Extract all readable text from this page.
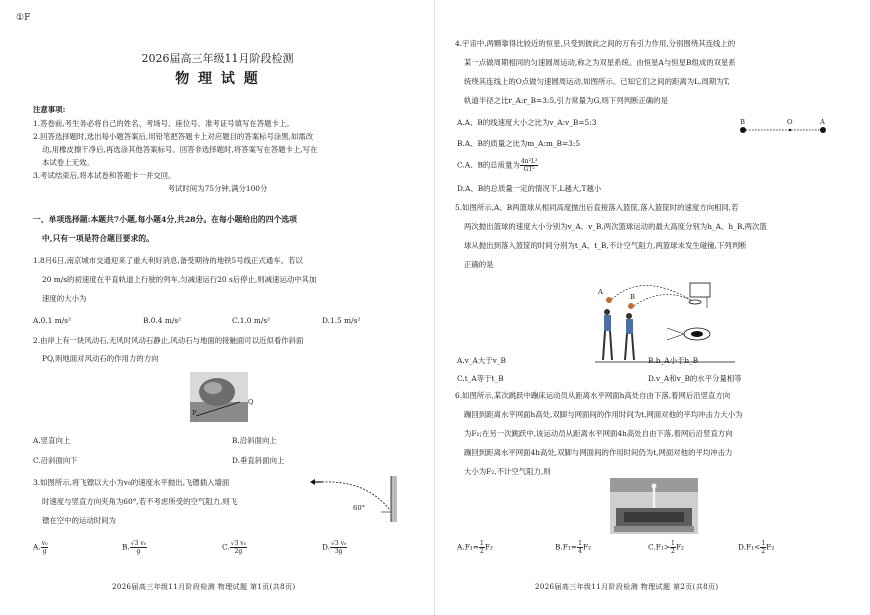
①F
2026届高三年级11月阶段检测
物 理 试 题
注意事项:
1.答卷前,考生务必将自己的姓名、考场号、座位号、准考证号填写在答题卡上。
2.回答选择题时,选出每小题答案后,用铅笔把答题卡上对应题目的答案标号涂黑,如需改
动,用橡皮擦干净后,再选涂其他答案标号。回答非选择题时,将答案写在答题卡上,写在
本试卷上无效。
3.考试结束后,将本试卷和答题卡一并交回。
考试时间为75分钟,满分100分
一、单项选择题:本题共7小题,每小题4分,共28分。在每小题给出的四个选项
中,只有一项是符合题目要求的。
1.8月6日,南京城市交通迎来了重大利好消息,备受期待的地铁5号线正式通车。若以
20 m/s的初速度在平直轨道上行驶的列车,匀减速运行20 s后停止,则减速运动中其加
速度的大小为
A.0.1 m/s²	B.0.4 m/s²	C.1.0 m/s²	D.1.5 m/s²
2.由岸上有一块风动石,无风时风动石静止,风动石与地面的接触面可以近似看作斜面
PQ,则地面对风动石的作用力的方向
P
Q
A.竖直向上	B.沿斜面向上
C.沿斜面向下	D.垂直斜面向上
3.如图所示,将飞镖以大小为v₀的速度水平抛出,飞镖插入墙面
时速度与竖直方向夹角为60°,若不考虑所受的空气阻力,则飞
镖在空中的运动时间为
60°
A. $\frac{\text{v₀}}{g}$	B. $\frac{\text{√3 v₀}}{g}$	C. $\frac{\text{√3 v₀}}{2g}$	D. $\frac{\text{√3 v₀}}{3g}$
2026届高三年级11月阶段检测 物理试题 第1页(共8页)
4.宇宙中,两颗靠得比较近的恒星,只受到彼此之间的万有引力作用,分别围绕其连线上的
某一点做周期相同的匀速圆周运动,称之为双星系统。由恒星A与恒星B组成的双星系
统绕其连线上的O点做匀速圆周运动,如图所示。已知它们之间的距离为L,周期为T,
轨道半径之比r_A:r_B=3:5,引力常量为G,则下列判断正确的是
A.A、B的线速度大小之比为v_A:v_B=5:3	B	O	A
B.A、B的质量之比为m_A:m_B=3:5
C.A、B的总质量为 $\frac{\text{4π²L³}}{\text{GT²}}$
D.A、B的总质量一定的情况下,L越大,T越小
5.如图所示,A、B两篮球从相同高度抛出后直接落入篮筐,落入篮筐时的速度方向相同,若
两次抛出篮球的速度大小分别为v_A、v_B,两次篮球运动的最大高度分别为h_A、h_B,两次篮
球从抛出到落入篮筐的时间分别为t_A、t_B,不计空气阻力,两篮球未发生碰撞,下列判断
正确的是
A
B
A.v_A大于v_B	B.h_A小于h_B
C.t_A等于t_B	D.v_A和v_B的水平分量相等
6.如图所示,某次跳跃中蹦床运动员从距离水平网面h高处自由下落,着网后沿竖直方向
蹦回到距离水平网面h高处,双脚与网面间的作用时间为t,网面对他的平均冲击力大小为
为F₁;在另一次跳跃中,该运动员从距离水平网面4h高处自由下落,着网后沿竖直方向
蹦回到距离水平网面4h高处,双脚与网面间的作用时间仍为t,网面对他的平均冲击力
大小为F₂,不计空气阻力,则
$A.F_1= \frac{1}{2} F_2$	$B.F_1= \frac{1}{4} F_2$	$C.F_1> \frac{1}{2} F_2$	$D.F_1< \frac{1}{2} F_2$
2026届高三年级11月阶段检测 物理试题 第2页(共8页)
